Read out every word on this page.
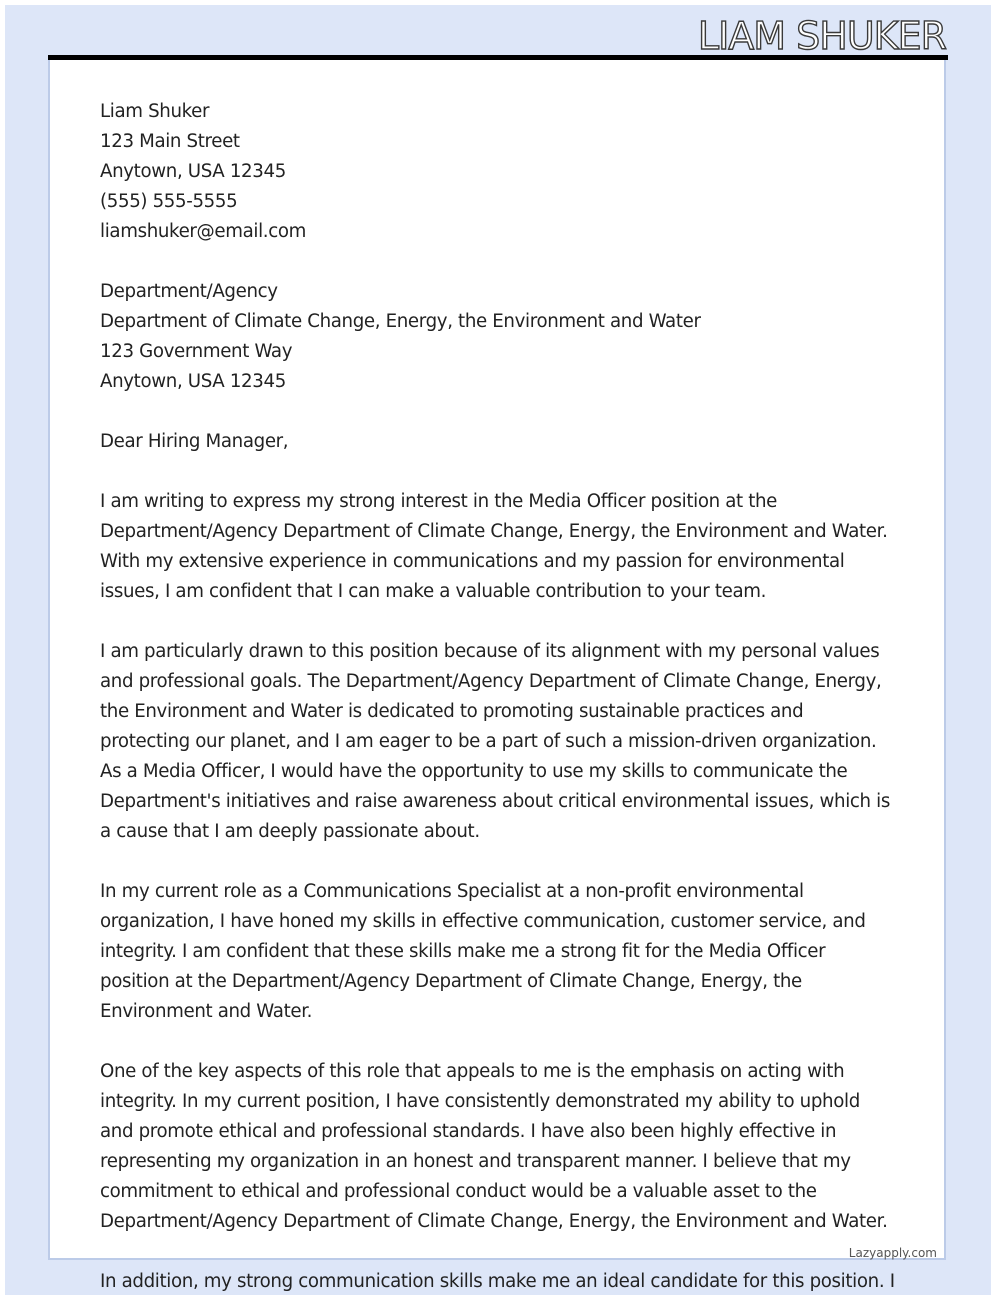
LIAM SHUKER
Liam Shuker
123 Main Street
Anytown, USA 12345
(555) 555-5555
liamshuker@email.com
Department/Agency
Department of Climate Change, Energy, the Environment and Water
123 Government Way
Anytown, USA 12345
Dear Hiring Manager,
I am writing to express my strong interest in the Media Officer position at the
Department/Agency Department of Climate Change, Energy, the Environment and Water.
With my extensive experience in communications and my passion for environmental
issues, I am confident that I can make a valuable contribution to your team.
I am particularly drawn to this position because of its alignment with my personal values
and professional goals. The Department/Agency Department of Climate Change, Energy,
the Environment and Water is dedicated to promoting sustainable practices and
protecting our planet, and I am eager to be a part of such a mission-driven organization.
As a Media Officer, I would have the opportunity to use my skills to communicate the
Department's initiatives and raise awareness about critical environmental issues, which is
a cause that I am deeply passionate about.
In my current role as a Communications Specialist at a non-profit environmental
organization, I have honed my skills in effective communication, customer service, and
integrity. I am confident that these skills make me a strong fit for the Media Officer
position at the Department/Agency Department of Climate Change, Energy, the
Environment and Water.
One of the key aspects of this role that appeals to me is the emphasis on acting with
integrity. In my current position, I have consistently demonstrated my ability to uphold
and promote ethical and professional standards. I have also been highly effective in
representing my organization in an honest and transparent manner. I believe that my
commitment to ethical and professional conduct would be a valuable asset to the
Department/Agency Department of Climate Change, Energy, the Environment and Water.
Lazyapply.com
In addition, my strong communication skills make me an ideal candidate for this position. I
